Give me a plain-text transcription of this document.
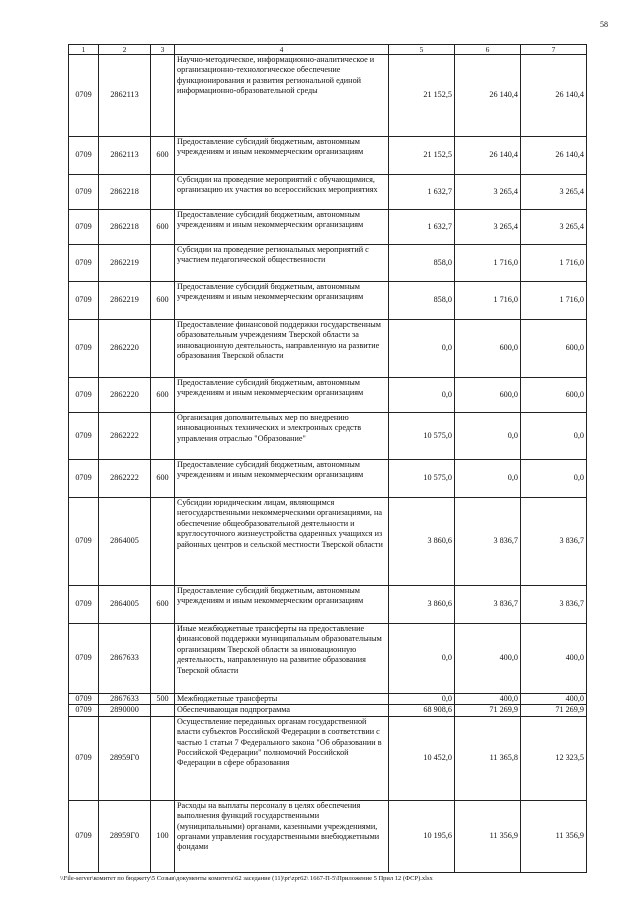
58
1	2	3	4	5	6	7
0709	2862113		Научно-методическое, информационно-аналитическое и организационно-технологическое обеспечение функционирования и развития региональной единой информационно-образовательной среды	21 152,5	26 140,4	26 140,4
0709	2862113	600	Предоставление субсидий бюджетным, автономным учреждениям и иным некоммерческим организациям	21 152,5	26 140,4	26 140,4
0709	2862218		Субсидии на проведение мероприятий с обучающимися, организацию их участия во всероссийских мероприятиях	1 632,7	3 265,4	3 265,4
0709	2862218	600	Предоставление субсидий бюджетным, автономным учреждениям и иным некоммерческим организациям	1 632,7	3 265,4	3 265,4
0709	2862219		Субсидии на проведение региональных мероприятий с участием педагогической общественности	858,0	1 716,0	1 716,0
0709	2862219	600	Предоставление субсидий бюджетным, автономным учреждениям и иным некоммерческим организациям	858,0	1 716,0	1 716,0
0709	2862220		Предоставление финансовой поддержки государственным образовательным учреждениям Тверской области за инновационную деятельность, направленную на развитие образования Тверской области	0,0	600,0	600,0
0709	2862220	600	Предоставление субсидий бюджетным, автономным учреждениям и иным некоммерческим организациям	0,0	600,0	600,0
0709	2862222		Организация дополнительных мер по внедрению инновационных технических и электронных средств управления отраслью "Образование"	10 575,0	0,0	0,0
0709	2862222	600	Предоставление субсидий бюджетным, автономным учреждениям и иным некоммерческим организациям	10 575,0	0,0	0,0
0709	2864005		Субсидии юридическим лицам, являющимся негосударственными некоммерческими организациями, на обеспечение общеобразовательной деятельности и круглосуточного жизнеустройства одаренных учащихся из районных центров и сельской местности Тверской области	3 860,6	3 836,7	3 836,7
0709	2864005	600	Предоставление субсидий бюджетным, автономным учреждениям и иным некоммерческим организациям	3 860,6	3 836,7	3 836,7
0709	2867633		Иные межбюджетные трансферты на предоставление финансовой поддержки муниципальным образовательным организациям Тверской области за инновационную деятельность, направленную на развитие образования Тверской области	0,0	400,0	400,0
0709	2867633	500	Межбюджетные трансферты	0,0	400,0	400,0
0709	2890000		Обеспечивающая подпрограмма	68 908,6	71 269,9	71 269,9
0709	28959Г0		Осуществление переданных органам государственной власти субъектов Российской Федерации в соответствии с частью 1 статьи 7 Федерального закона "Об образовании в Российской Федерации" полномочий Российской Федерации в сфере образования	10 452,0	11 365,8	12 323,5
0709	28959Г0	100	Расходы на выплаты персоналу в целях обеспечения выполнения функций государственными (муниципальными) органами, казенными учреждениями, органами управления государственными внебюджетными фондами	10 195,6	11 356,9	11 356,9
\\File-server\комитет по бюджету\5 Созыв\документы комитета\62 заседание (11)\pr\zpr62\ 1667-П-5\Приложение 5 Прил 12 (ФСР).xlsx
